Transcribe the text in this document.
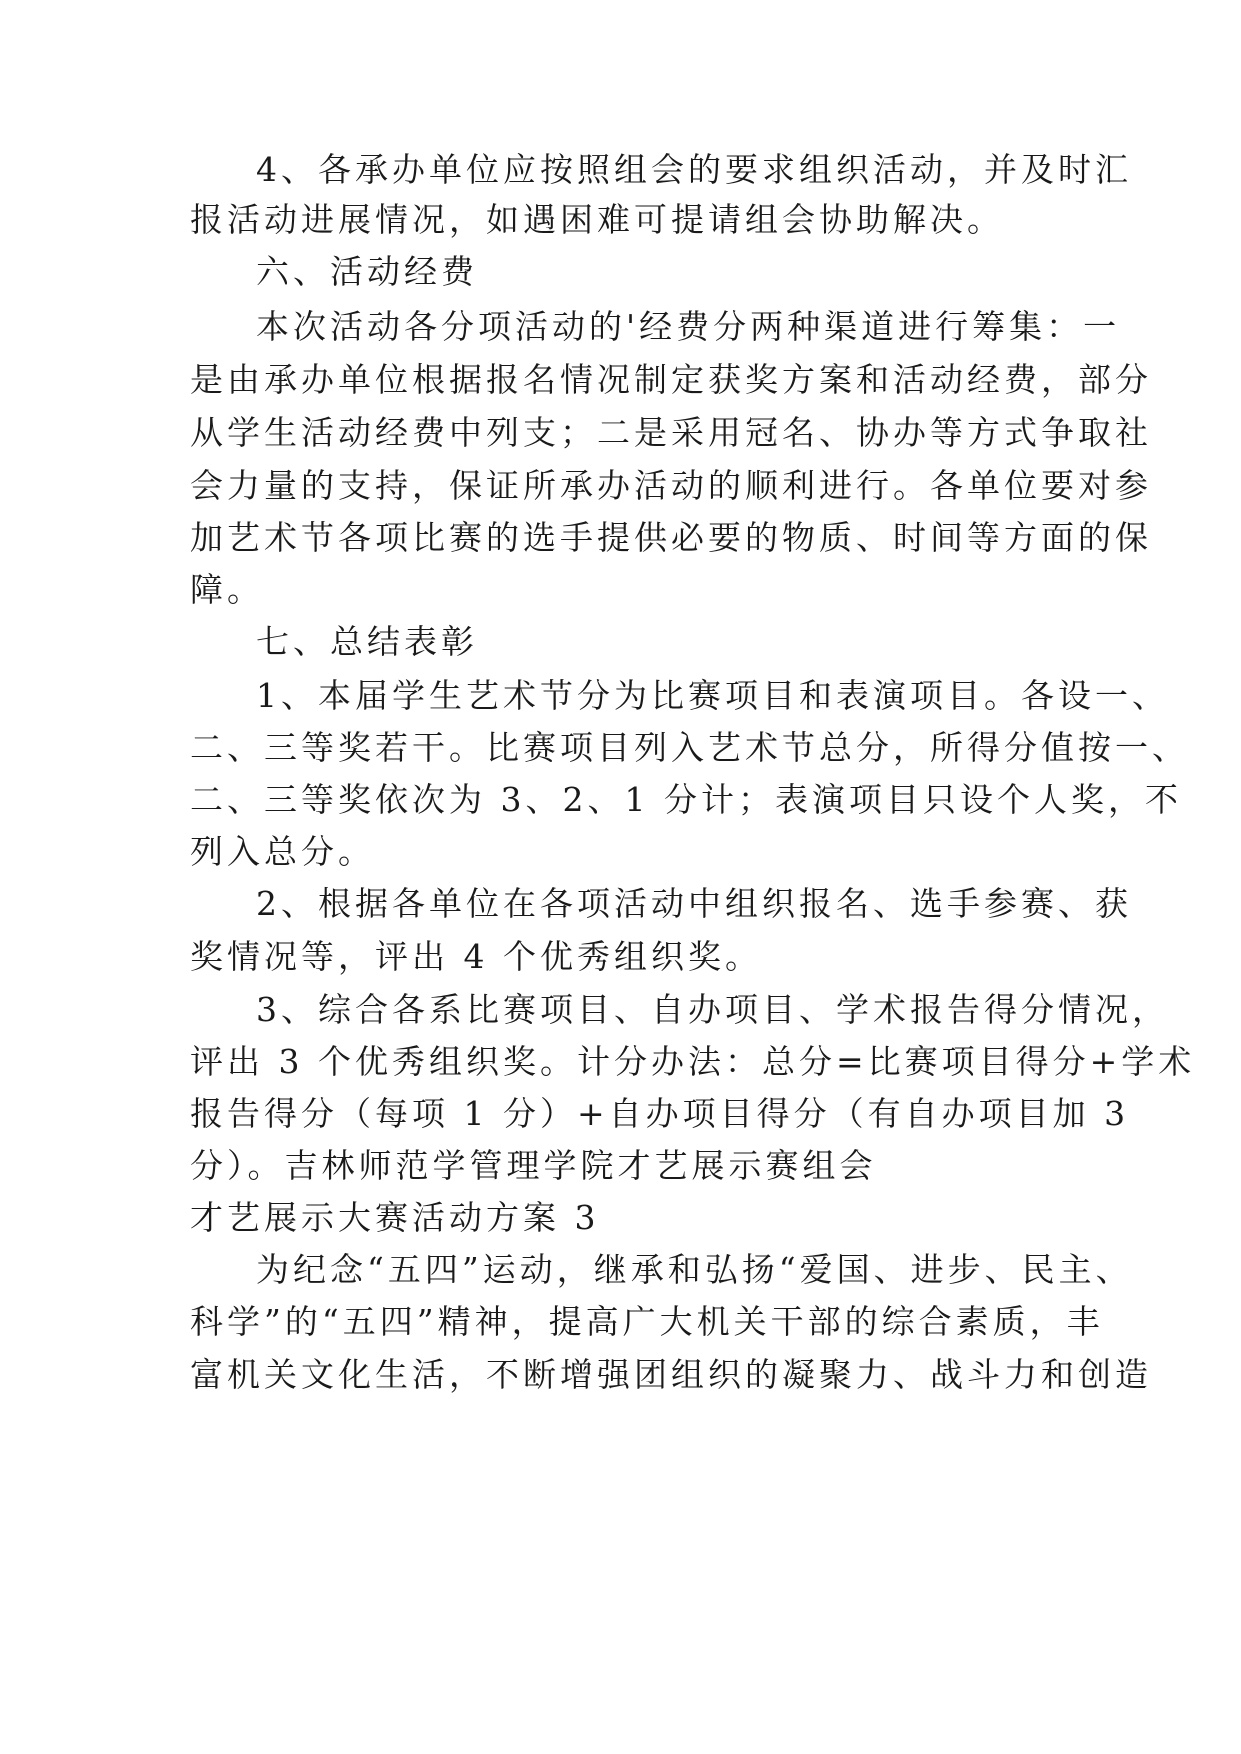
4、各承办单位应按照组会的要求组织活动，并及时汇
报活动进展情况，如遇困难可提请组会协助解决。
六、活动经费
本次活动各分项活动的'经费分两种渠道进行筹集：一
是由承办单位根据报名情况制定获奖方案和活动经费，部分
从学生活动经费中列支；二是采用冠名、协办等方式争取社
会力量的支持，保证所承办活动的顺利进行。各单位要对参
加艺术节各项比赛的选手提供必要的物质、时间等方面的保
障。
七、总结表彰
1、本届学生艺术节分为比赛项目和表演项目。各设一、
二、三等奖若干。比赛项目列入艺术节总分，所得分值按一、
二、三等奖依次为 3、2、1 分计；表演项目只设个人奖，不
列入总分。
2、根据各单位在各项活动中组织报名、选手参赛、获
奖情况等，评出 4 个优秀组织奖。
3、综合各系比赛项目、自办项目、学术报告得分情况，
评出 3 个优秀组织奖。计分办法：总分=比赛项目得分+学术
报告得分（每项 1 分）+自办项目得分（有自办项目加 3
分）。吉林师范学管理学院才艺展示赛组会
才艺展示大赛活动方案 3
为纪念“五四”运动，继承和弘扬“爱国、进步、民主、
科学”的“五四”精神，提高广大机关干部的综合素质，丰
富机关文化生活，不断增强团组织的凝聚力、战斗力和创造
